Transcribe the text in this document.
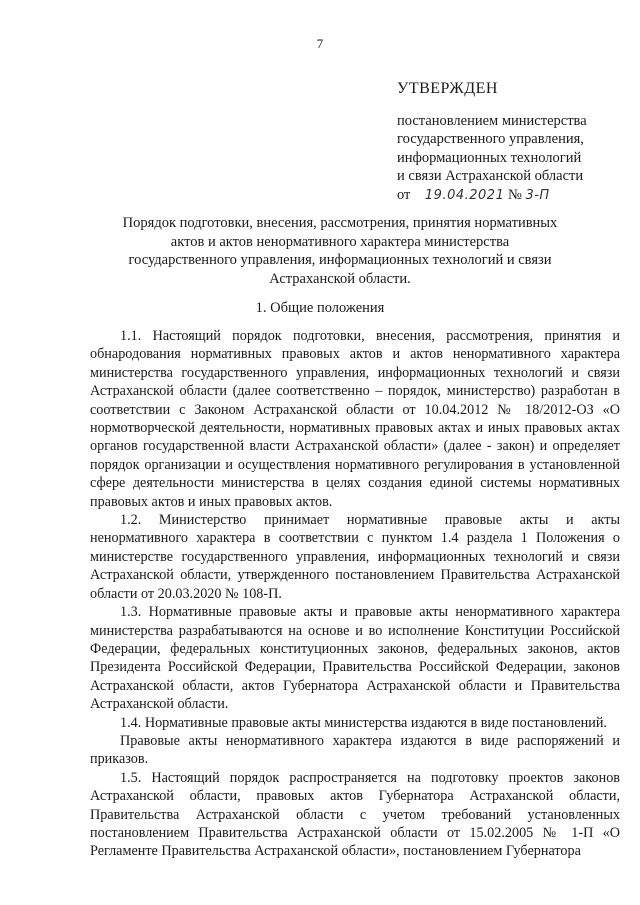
7
УТВЕРЖДЕН
постановлением министерства
государственного управления,
информационных технологий
и связи Астраханской области
от 19.04.2021 № 3-П
Порядок подготовки, внесения, рассмотрения, принятия нормативных актов и актов ненормативного характера министерства государственного управления, информационных технологий и связи Астраханской области.
1. Общие положения

1.1. Настоящий порядок подготовки, внесения, рассмотрения, принятия и обнародования нормативных правовых актов и актов ненормативного характера министерства государственного управления, информационных технологий и связи Астраханской области (далее соответственно – порядок, министерство) разработан в соответствии с Законом Астраханской области от 10.04.2012 № 18/2012-ОЗ «О нормотворческой деятельности, нормативных правовых актах и иных правовых актах органов государственной власти Астраханской области» (далее - закон) и определяет порядок организации и осуществления нормативного регулирования в установленной сфере деятельности министерства в целях создания единой системы нормативных правовых актов и иных правовых актов.

1.2. Министерство принимает нормативные правовые акты и акты ненормативного характера в соответствии с пунктом 1.4 раздела 1 Положения о министерстве государственного управления, информационных технологий и связи Астраханской области, утвержденного постановлением Правительства Астраханской области от 20.03.2020 № 108-П.

1.3. Нормативные правовые акты и правовые акты ненормативного характера министерства разрабатываются на основе и во исполнение Конституции Российской Федерации, федеральных конституционных законов, федеральных законов, актов Президента Российской Федерации, Правительства Российской Федерации, законов Астраханской области, актов Губернатора Астраханской области и Правительства Астраханской области.

1.4. Нормативные правовые акты министерства издаются в виде постановлений.

Правовые акты ненормативного характера издаются в виде распоряжений и приказов.

1.5. Настоящий порядок распространяется на подготовку проектов законов Астраханской области, правовых актов Губернатора Астраханской области, Правительства Астраханской области с учетом требований установленных постановлением Правительства Астраханской области от 15.02.2005 № 1-П «О Регламенте Правительства Астраханской области», постановлением Губернатора
